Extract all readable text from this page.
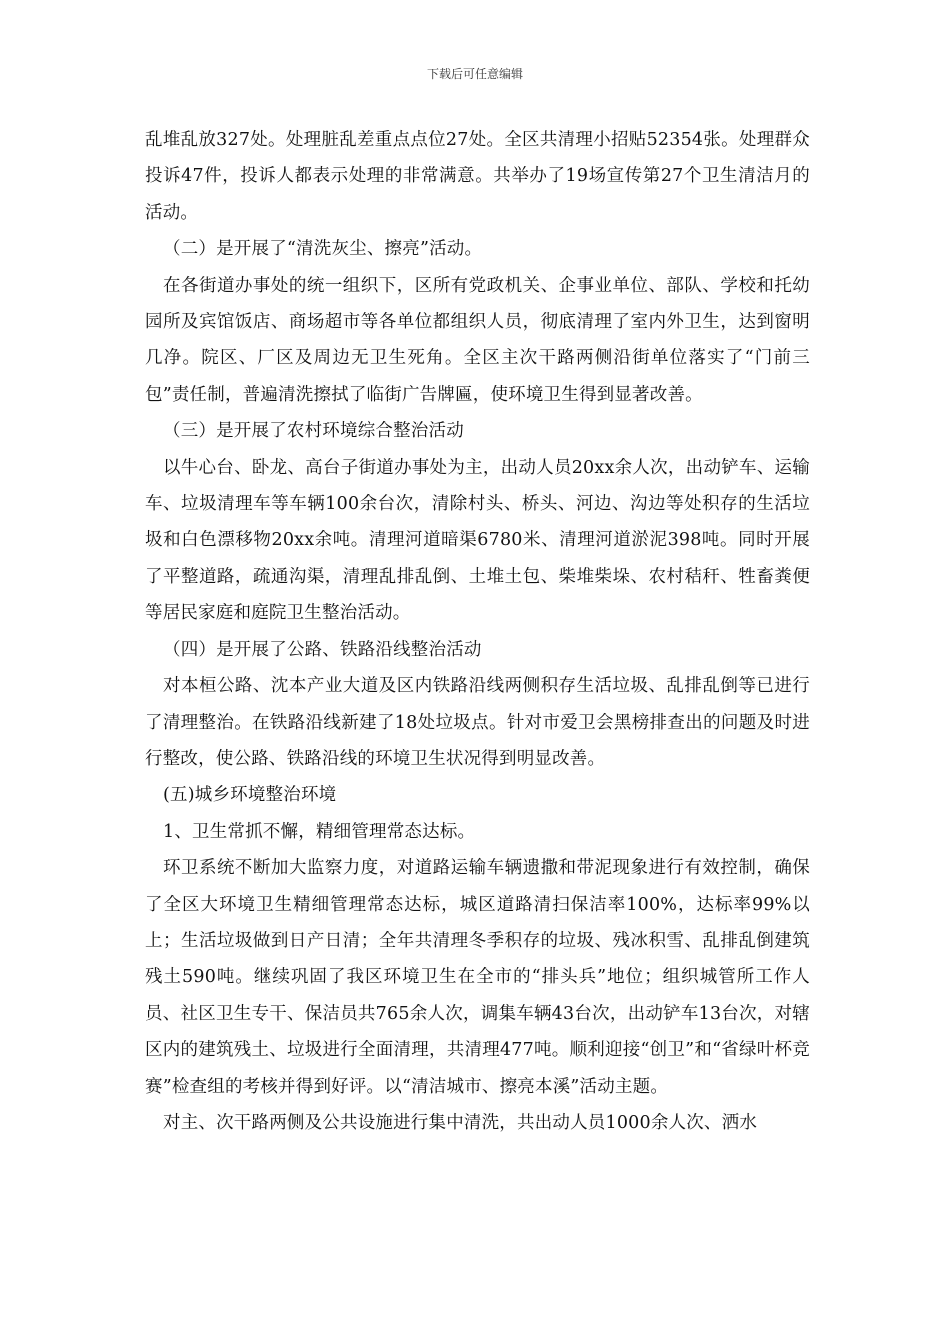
下载后可任意编辑

乱堆乱放327处。处理脏乱差重点点位27处。全区共清理小招贴52354张。处理群众投诉47件，投诉人都表示处理的非常满意。共举办了19场宣传第27个卫生清洁月的活动。

（二）是开展了“清洗灰尘、擦亮”活动。

在各街道办事处的统一组织下，区所有党政机关、企事业单位、部队、学校和托幼园所及宾馆饭店、商场超市等各单位都组织人员，彻底清理了室内外卫生，达到窗明几净。院区、厂区及周边无卫生死角。全区主次干路两侧沿街单位落实了“门前三包”责任制，普遍清洗擦拭了临街广告牌匾，使环境卫生得到显著改善。

（三）是开展了农村环境综合整治活动

以牛心台、卧龙、高台子街道办事处为主，出动人员20xx余人次，出动铲车、运输车、垃圾清理车等车辆100余台次，清除村头、桥头、河边、沟边等处积存的生活垃圾和白色漂移物20xx余吨。清理河道暗渠6780米、清理河道淤泥398吨。同时开展了平整道路，疏通沟渠，清理乱排乱倒、土堆土包、柴堆柴垛、农村秸秆、牲畜粪便等居民家庭和庭院卫生整治活动。

（四）是开展了公路、铁路沿线整治活动

对本桓公路、沈本产业大道及区内铁路沿线两侧积存生活垃圾、乱排乱倒等已进行了清理整治。在铁路沿线新建了18处垃圾点。针对市爱卫会黑榜排查出的问题及时进行整改，使公路、铁路沿线的环境卫生状况得到明显改善。

(五)城乡环境整治环境

1、卫生常抓不懈，精细管理常态达标。

环卫系统不断加大监察力度，对道路运输车辆遗撒和带泥现象进行有效控制，确保了全区大环境卫生精细管理常态达标，城区道路清扫保洁率100%，达标率99%以上；生活垃圾做到日产日清；全年共清理冬季积存的垃圾、残冰积雪、乱排乱倒建筑残土590吨。继续巩固了我区环境卫生在全市的“排头兵”地位；组织城管所工作人员、社区卫生专干、保洁员共765余人次，调集车辆43台次，出动铲车13台次，对辖区内的建筑残土、垃圾进行全面清理，共清理477吨。顺利迎接“创卫”和“省绿叶杯竞赛”检查组的考核并得到好评。以“清洁城市、擦亮本溪”活动主题。

对主、次干路两侧及公共设施进行集中清洗，共出动人员1000余人次、洒水
